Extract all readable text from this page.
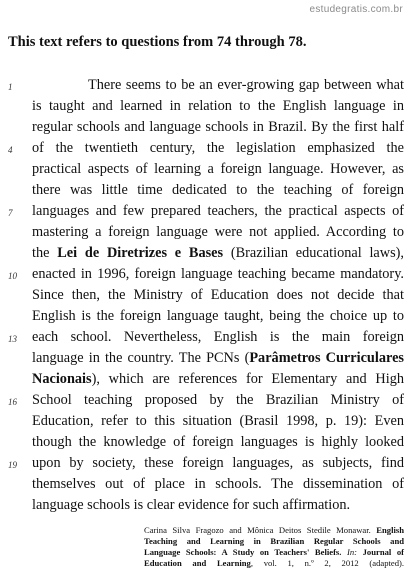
estudegratis.com.br
This text refers to questions from 74 through 78.
1
4
7
10
13
16
19
There seems to be an ever-growing gap between what
is taught and learned in relation to the English language in
regular schools and language schools in Brazil. By the first half
of the twentieth century, the legislation emphasized the
practical aspects of learning a foreign language. However, as
there was little time dedicated to the teaching of foreign
languages and few prepared teachers, the practical aspects of
mastering a foreign language were not applied. According to
the Lei de Diretrizes e Bases (Brazilian educational laws),
enacted in 1996, foreign language teaching became mandatory.
Since then, the Ministry of Education does not decide that
English is the foreign language taught, being the choice up to
each school. Nevertheless, English is the main foreign
language in the country. The PCNs (Parâmetros Curriculares
Nacionais), which are references for Elementary and High
School teaching proposed by the Brazilian Ministry of
Education, refer to this situation (Brasil 1998, p. 19): Even
though the knowledge of foreign languages is highly looked
upon by society, these foreign languages, as subjects, find
themselves out of place in schools. The dissemination of
language schools is clear evidence for such affirmation.
Carina Silva Fragozo and Mônica Deitos Stedile Monawar. English
Teaching and Learning in Brazilian Regular Schools and
Language Schools: A Study on Teachers' Beliefs. In: Journal of
Education and Learning, vol. 1, n.º 2, 2012 (adapted).
